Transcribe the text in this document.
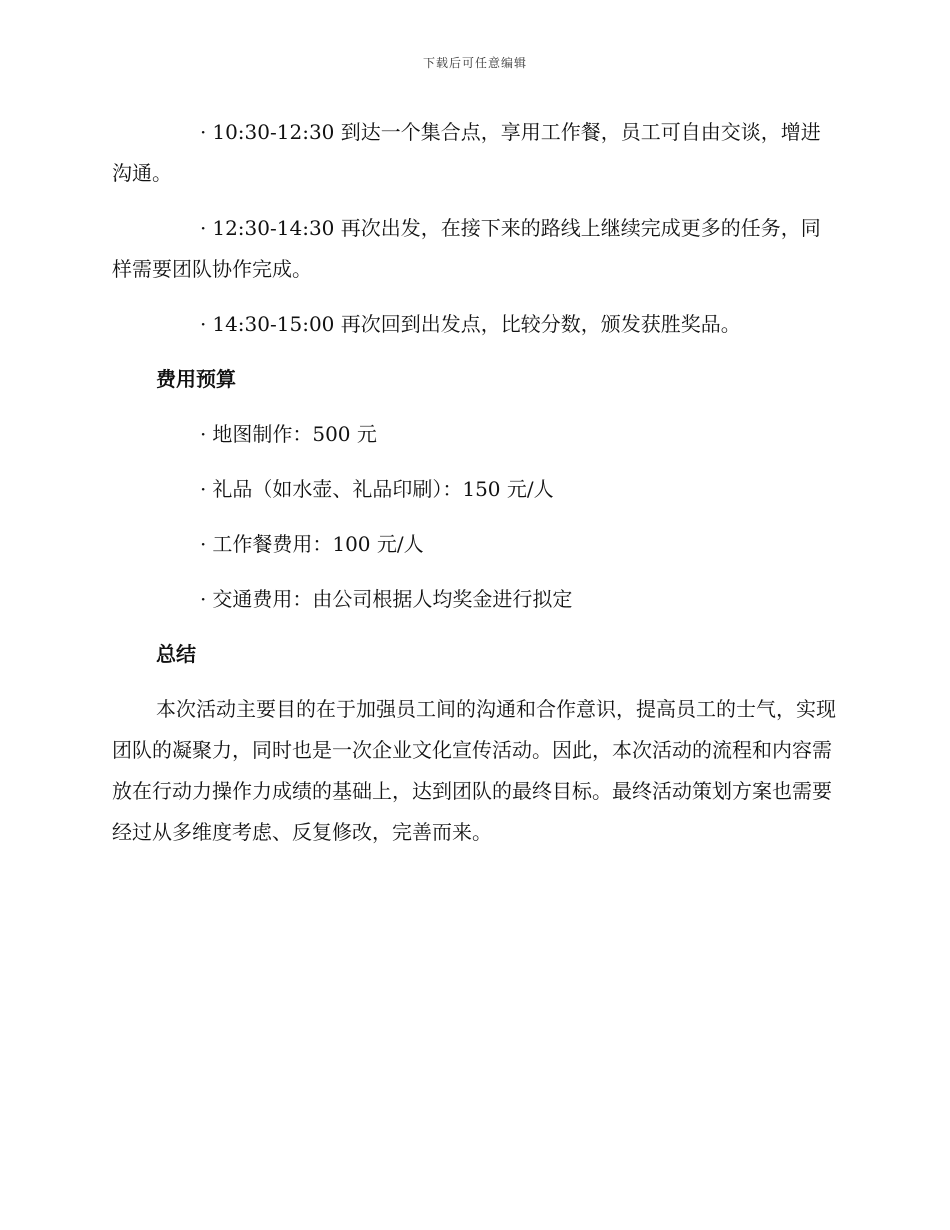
下载后可任意编辑

· 10:30-12:30 到达一个集合点，享用工作餐，员工可自由交谈，增进沟通。

· 12:30-14:30 再次出发，在接下来的路线上继续完成更多的任务，同样需要团队协作完成。

· 14:30-15:00 再次回到出发点，比较分数，颁发获胜奖品。

费用预算

· 地图制作：500 元

· 礼品（如水壶、礼品印刷）：150 元/人

· 工作餐费用：100 元/人

· 交通费用：由公司根据人均奖金进行拟定

总结

本次活动主要目的在于加强员工间的沟通和合作意识，提高员工的士气，实现团队的凝聚力，同时也是一次企业文化宣传活动。因此，本次活动的流程和内容需放在行动力操作力成绩的基础上，达到团队的最终目标。最终活动策划方案也需要经过从多维度考虑、反复修改，完善而来。
